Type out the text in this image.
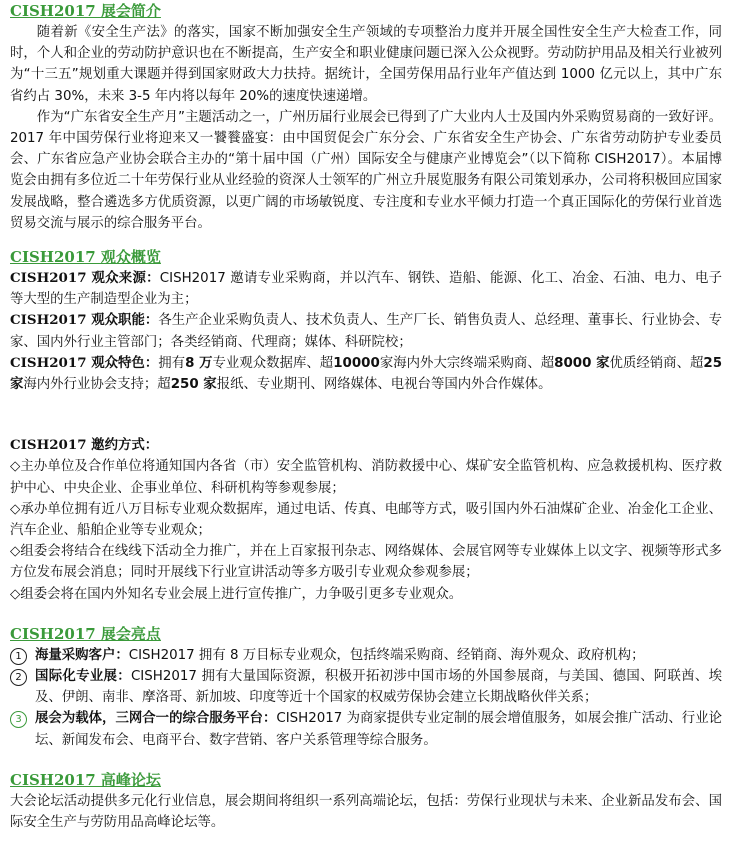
CISH2017 展会简介

随着新《安全生产法》的落实，国家不断加强安全生产领域的专项整治力度并开展全国性安全生产大检查工作，同时，个人和企业的劳动防护意识也在不断提高，生产安全和职业健康问题已深入公众视野。劳动防护用品及相关行业被列为“十三五”规划重大课题并得到国家财政大力扶持。据统计，全国劳保用品行业年产值达到 1000 亿元以上，其中广东省约占 30%，未来 3-5 年内将以每年 20%的速度快速递增。

作为“广东省安全生产月”主题活动之一，广州历届行业展会已得到了广大业内人士及国内外采购贸易商的一致好评。2017 年中国劳保行业将迎来又一饕餮盛宴：由中国贸促会广东分会、广东省安全生产协会、广东省劳动防护专业委员会、广东省应急产业协会联合主办的“第十届中国（广州）国际安全与健康产业博览会”（以下简称 CISH2017）。本届博览会由拥有多位近二十年劳保行业从业经验的资深人士领军的广州立升展览服务有限公司策划承办，公司将积极回应国家发展战略，整合遴选多方优质资源，以更广阔的市场敏锐度、专注度和专业水平倾力打造一个真正国际化的劳保行业首选贸易交流与展示的综合服务平台。

CISH2017 观众概览

CISH2017 观众来源：CISH2017 邀请专业采购商，并以汽车、钢铁、造船、能源、化工、冶金、石油、电力、电子等大型的生产制造型企业为主；

CISH2017 观众职能：各生产企业采购负责人、技术负责人、生产厂长、销售负责人、总经理、董事长、行业协会、专家、国内外行业主管部门；各类经销商、代理商；媒体、科研院校；

CISH2017 观众特色：拥有8 万专业观众数据库、超10000家海内外大宗终端采购商、超8000 家优质经销商、超25 家海内外行业协会支持；超250 家报纸、专业期刊、网络媒体、电视台等国内外合作媒体。

CISH2017 邀约方式：

◇主办单位及合作单位将通知国内各省（市）安全监管机构、消防救援中心、煤矿安全监管机构、应急救援机构、医疗救护中心、中央企业、企事业单位、科研机构等参观参展；

◇承办单位拥有近八万目标专业观众数据库，通过电话、传真、电邮等方式，吸引国内外石油煤矿企业、冶金化工企业、汽车企业、船舶企业等专业观众；

◇组委会将结合在线线下活动全力推广，并在上百家报刊杂志、网络媒体、会展官网等专业媒体上以文字、视频等形式多方位发布展会消息；同时开展线下行业宣讲活动等多方吸引专业观众参观参展；

◇组委会将在国内外知名专业会展上进行宣传推广，力争吸引更多专业观众。

CISH2017 展会亮点
1 海量采购客户：CISH2017 拥有 8 万目标专业观众，包括终端采购商、经销商、海外观众、政府机构；
2 国际化专业展：CISH2017 拥有大量国际资源，积极开拓初涉中国市场的外国参展商，与美国、德国、阿联酋、埃及、伊朗、南非、摩洛哥、新加坡、印度等近十个国家的权威劳保协会建立长期战略伙伴关系；
3 展会为载体，三网合一的综合服务平台：CISH2017 为商家提供专业定制的展会增值服务，如展会推广活动、行业论坛、新闻发布会、电商平台、数字营销、客户关系管理等综合服务。
CISH2017 高峰论坛

大会论坛活动提供多元化行业信息，展会期间将组织一系列高端论坛，包括：劳保行业现状与未来、企业新品发布会、国际安全生产与劳防用品高峰论坛等。
